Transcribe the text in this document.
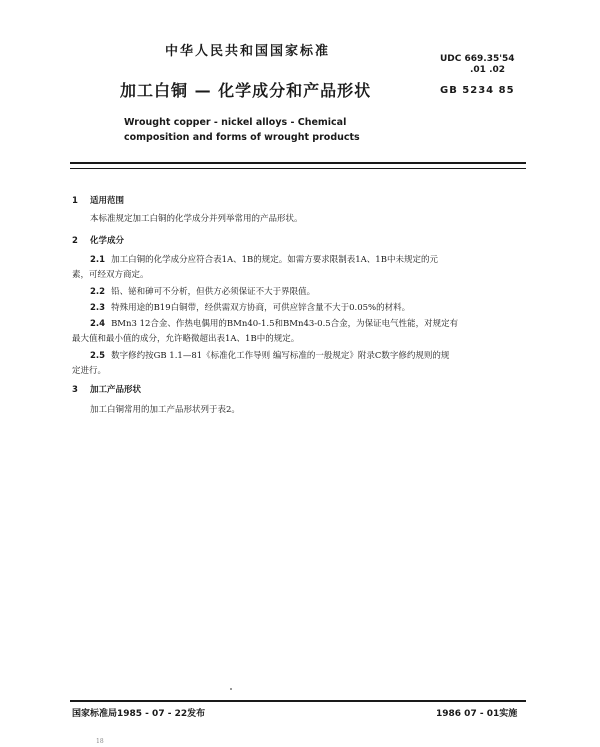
中华人民共和国国家标准	UDC 669.35'54
.01 .02
加工白铜 — 化学成分和产品形状	GB 5234 85
Wrought copper - nickel alloys - Chemical
composition and forms of wrought products
1 适用范围
本标准规定加工白铜的化学成分并列举常用的产品形状。
2 化学成分
2.1 加工白铜的化学成分应符合表1A、1B的规定。如需方要求限制表1A、1B中未规定的元
素，可经双方商定。
2.2 铅、铋和砷可不分析，但供方必须保证不大于界限值。
2.3 特殊用途的B19白铜带，经供需双方协商，可供应锌含量不大于0.05%的材料。
2.4 BMn3 12合金、作热电偶用的BMn40-1.5和BMn43-0.5合金，为保证电气性能，对规定有
最大值和最小值的成分，允许略微超出表1A、1B中的规定。
2.5 数字修约按GB 1.1—81《标准化工作导则 编写标准的一般规定》附录C数字修约规则的规
定进行。
3 加工产品形状
加工白铜常用的加工产品形状列于表2。
国家标准局1985 - 07 - 22发布	1986 07 - 01实施
18
